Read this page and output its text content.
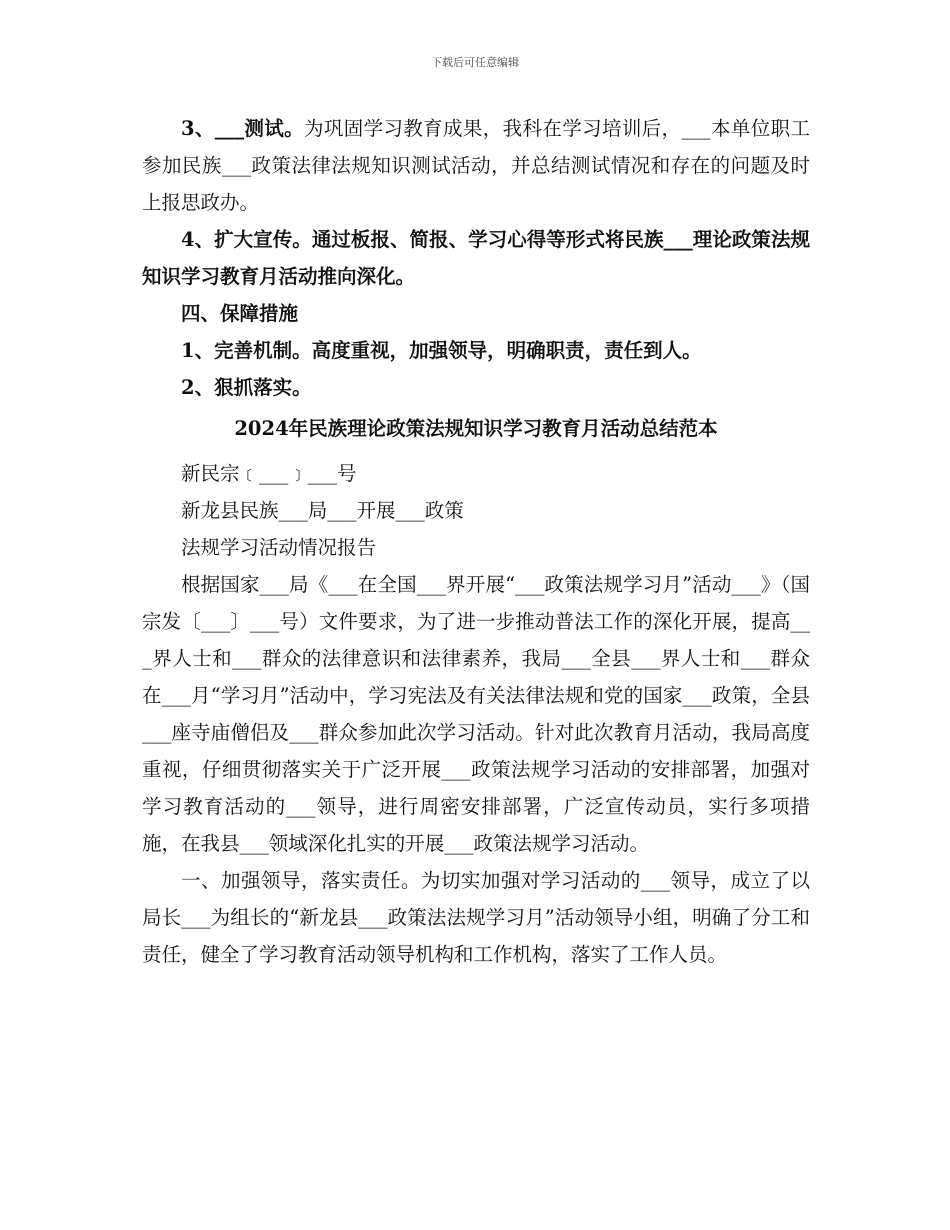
下载后可任意编辑

3、___测试。为巩固学习教育成果，我科在学习培训后，___本单位职工参加民族___政策法律法规知识测试活动，并总结测试情况和存在的问题及时上报思政办。

4、扩大宣传。通过板报、简报、学习心得等形式将民族___理论政策法规知识学习教育月活动推向深化。

四、保障措施

1、完善机制。高度重视，加强领导，明确职责，责任到人。

2、狠抓落实。

2024年民族理论政策法规知识学习教育月活动总结范本

新民宗﹝___﹞___号

新龙县民族___局___开展___政策

法规学习活动情况报告

根据国家___局《___在全国___界开展“___政策法规学习月”活动___》（国宗发〔___〕___号）文件要求，为了进一步推动普法工作的深化开展，提高___界人士和___群众的法律意识和法律素养，我局___全县___界人士和___群众在___月“学习月”活动中，学习宪法及有关法律法规和党的国家___政策，全县___座寺庙僧侣及___群众参加此次学习活动。针对此次教育月活动，我局高度重视，仔细贯彻落实关于广泛开展___政策法规学习活动的安排部署，加强对学习教育活动的___领导，进行周密安排部署，广泛宣传动员，实行多项措施，在我县___领域深化扎实的开展___政策法规学习活动。

一、加强领导，落实责任。为切实加强对学习活动的___领导，成立了以局长___为组长的“新龙县___政策法法规学习月”活动领导小组，明确了分工和责任，健全了学习教育活动领导机构和工作机构，落实了工作人员。
